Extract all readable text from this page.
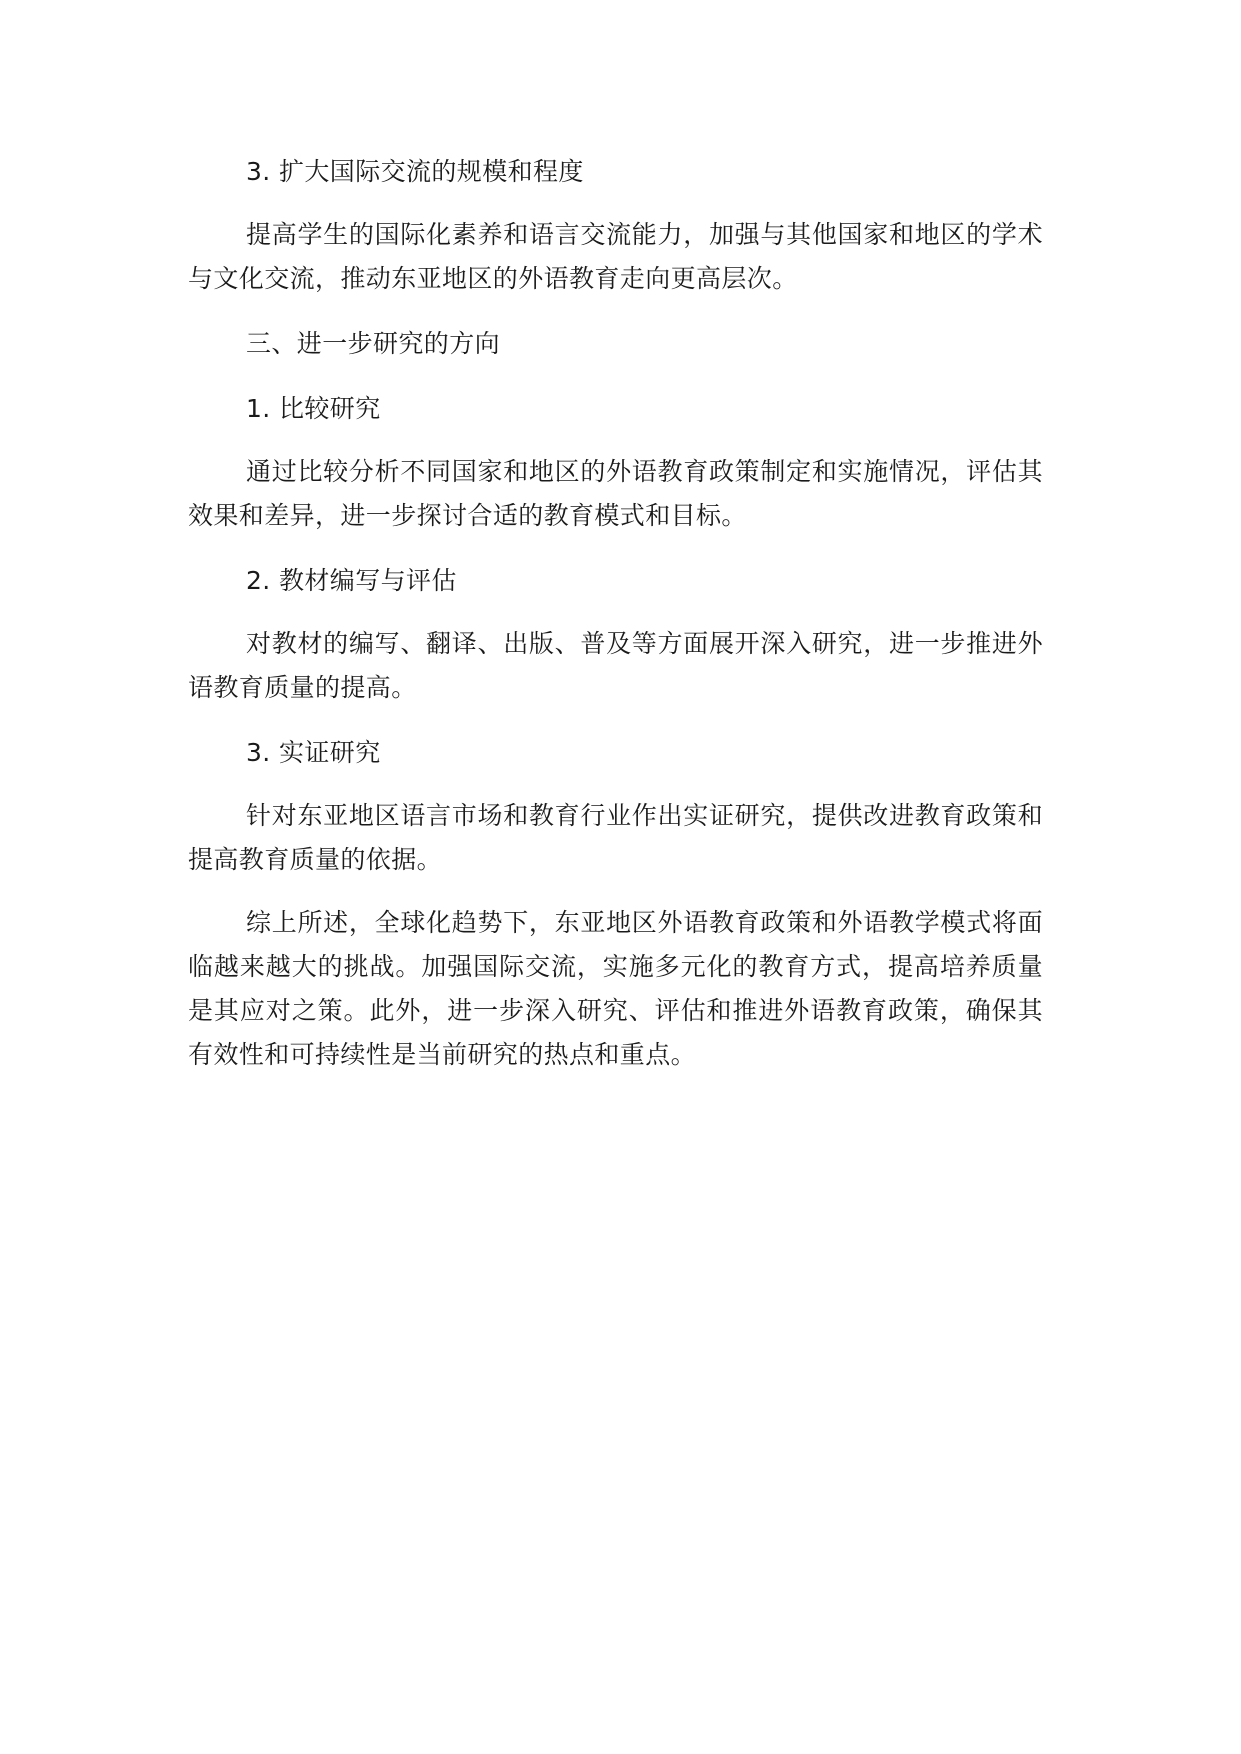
3. 扩大国际交流的规模和程度

提高学生的国际化素养和语言交流能力，加强与其他国家和地区的学术与文化交流，推动东亚地区的外语教育走向更高层次。

三、进一步研究的方向

1. 比较研究

通过比较分析不同国家和地区的外语教育政策制定和实施情况，评估其效果和差异，进一步探讨合适的教育模式和目标。

2. 教材编写与评估

对教材的编写、翻译、出版、普及等方面展开深入研究，进一步推进外语教育质量的提高。

3. 实证研究

针对东亚地区语言市场和教育行业作出实证研究，提供改进教育政策和提高教育质量的依据。

综上所述，全球化趋势下，东亚地区外语教育政策和外语教学模式将面临越来越大的挑战。加强国际交流，实施多元化的教育方式，提高培养质量是其应对之策。此外，进一步深入研究、评估和推进外语教育政策，确保其有效性和可持续性是当前研究的热点和重点。
